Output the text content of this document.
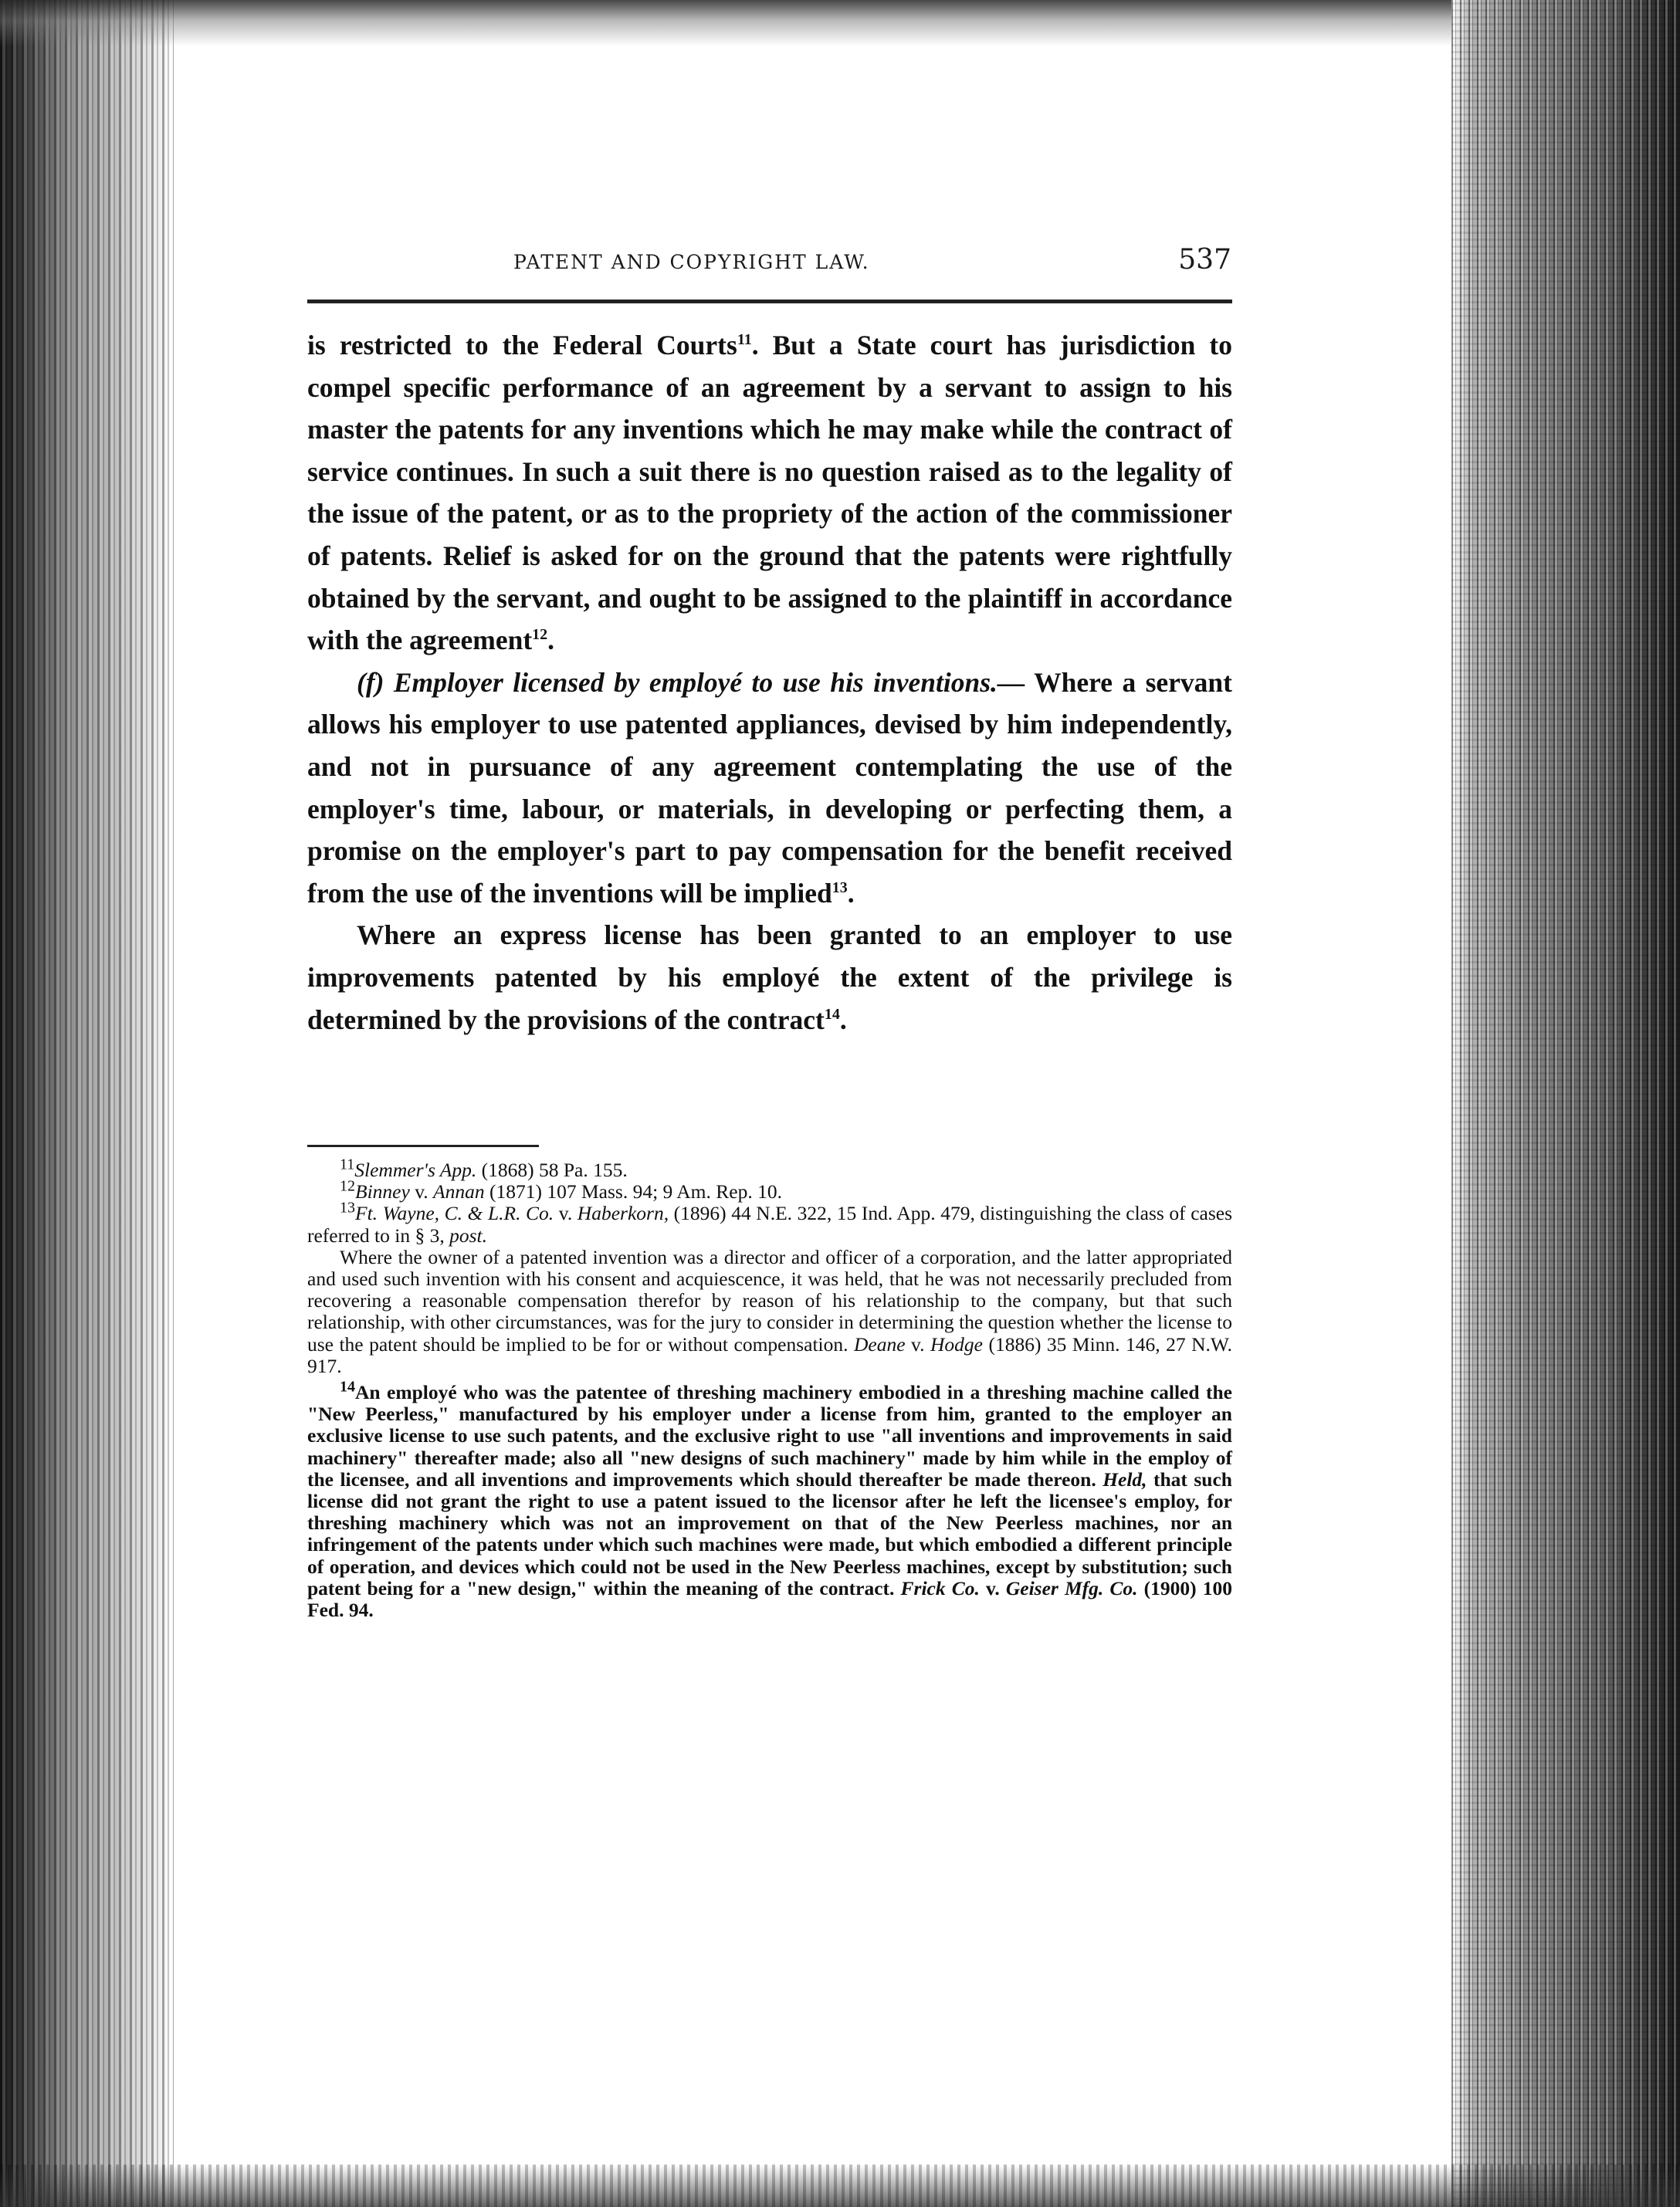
PATENT AND COPYRIGHT LAW.	537

is restricted to the Federal Courts$^{11}$. But a State court has jurisdiction to compel specific performance of an agreement by a servant to assign to his master the patents for any inventions which he may make while the contract of service continues. In such a suit there is no question raised as to the legality of the issue of the patent, or as to the propriety of the action of the commissioner of patents. Relief is asked for on the ground that the patents were rightfully obtained by the servant, and ought to be assigned to the plaintiff in accordance with the agreement$^{12}$.

(f) Employer licensed by employé to use his inventions.— Where a servant allows his employer to use patented appliances, devised by him independently, and not in pursuance of any agreement contemplating the use of the employer's time, labour, or materials, in developing or perfecting them, a promise on the employer's part to pay compensation for the benefit received from the use of the inventions will be implied$^{13}$.

Where an express license has been granted to an employer to use improvements patented by his employé the extent of the privilege is determined by the provisions of the contract$^{14}$.

$^{11}$Slemmer's App. (1868) 58 Pa. 155.

$^{12}$Binney v. Annan (1871) 107 Mass. 94; 9 Am. Rep. 10.

$^{13}$Ft. Wayne, C. & L.R. Co. v. Haberkorn, (1896) 44 N.E. 322, 15 Ind. App. 479, distinguishing the class of cases referred to in § 3, post.

Where the owner of a patented invention was a director and officer of a corporation, and the latter appropriated and used such invention with his consent and acquiescence, it was held, that he was not necessarily precluded from recovering a reasonable compensation therefor by reason of his relationship to the company, but that such relationship, with other circumstances, was for the jury to consider in determining the question whether the license to use the patent should be implied to be for or without compensation. Deane v. Hodge (1886) 35 Minn. 146, 27 N.W. 917.

$^{14}$An employé who was the patentee of threshing machinery embodied in a threshing machine called the "New Peerless," manufactured by his employer under a license from him, granted to the employer an exclusive license to use such patents, and the exclusive right to use "all inventions and improvements in said machinery" thereafter made; also all "new designs of such machinery" made by him while in the employ of the licensee, and all inventions and improvements which should thereafter be made thereon. Held, that such license did not grant the right to use a patent issued to the licensor after he left the licensee's employ, for threshing machinery which was not an improvement on that of the New Peerless machines, nor an infringement of the patents under which such machines were made, but which embodied a different principle of operation, and devices which could not be used in the New Peerless machines, except by substitution; such patent being for a "new design," within the meaning of the contract. Frick Co. v. Geiser Mfg. Co. (1900) 100 Fed. 94.
